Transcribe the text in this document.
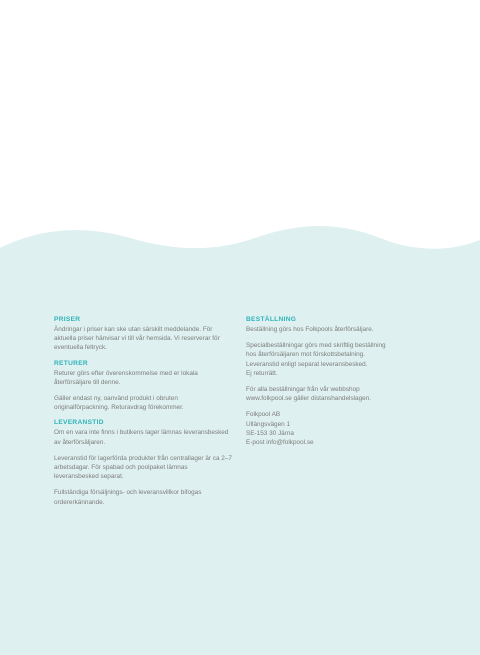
PRISER

Ändringar i priser kan ske utan särskilt meddelande. För aktuella priser hänvisar vi till vår hemsida. Vi reserverar för eventuella feltryck.

RETURER

Returer görs efter överenskommelse med er lokala återförsäljare till denne.

Gäller endast ny, oanvänd produkt i obruten originalförpackning. Returavdrag förekommer.

LEVERANSTID

Om en vara inte finns i butikens lager lämnas leveransbesked av återförsäljaren.

Leveranstid för lagerförda produkter från centrallager är ca 2–7 arbetsdagar. För spabad och poolpaket lämnas leveransbesked separat.

Fullständiga försäljnings- och leveransvillkor bifogas ordererkännande.

BESTÄLLNING

Beställning görs hos Folkpools återförsäljare.

Specialbeställningar görs med skriftlig beställning
hos återförsäljaren mot förskottsbetalning.
Leveranstid enligt separat leveransbesked.
Ej returrätt.

För alla beställningar från vår webbshop
www.folkpool.se gäller distanshandelslagen.

Folkpool AB
Ullängsvägen 1
SE-153 30 Järna
E-post info@folkpool.se
